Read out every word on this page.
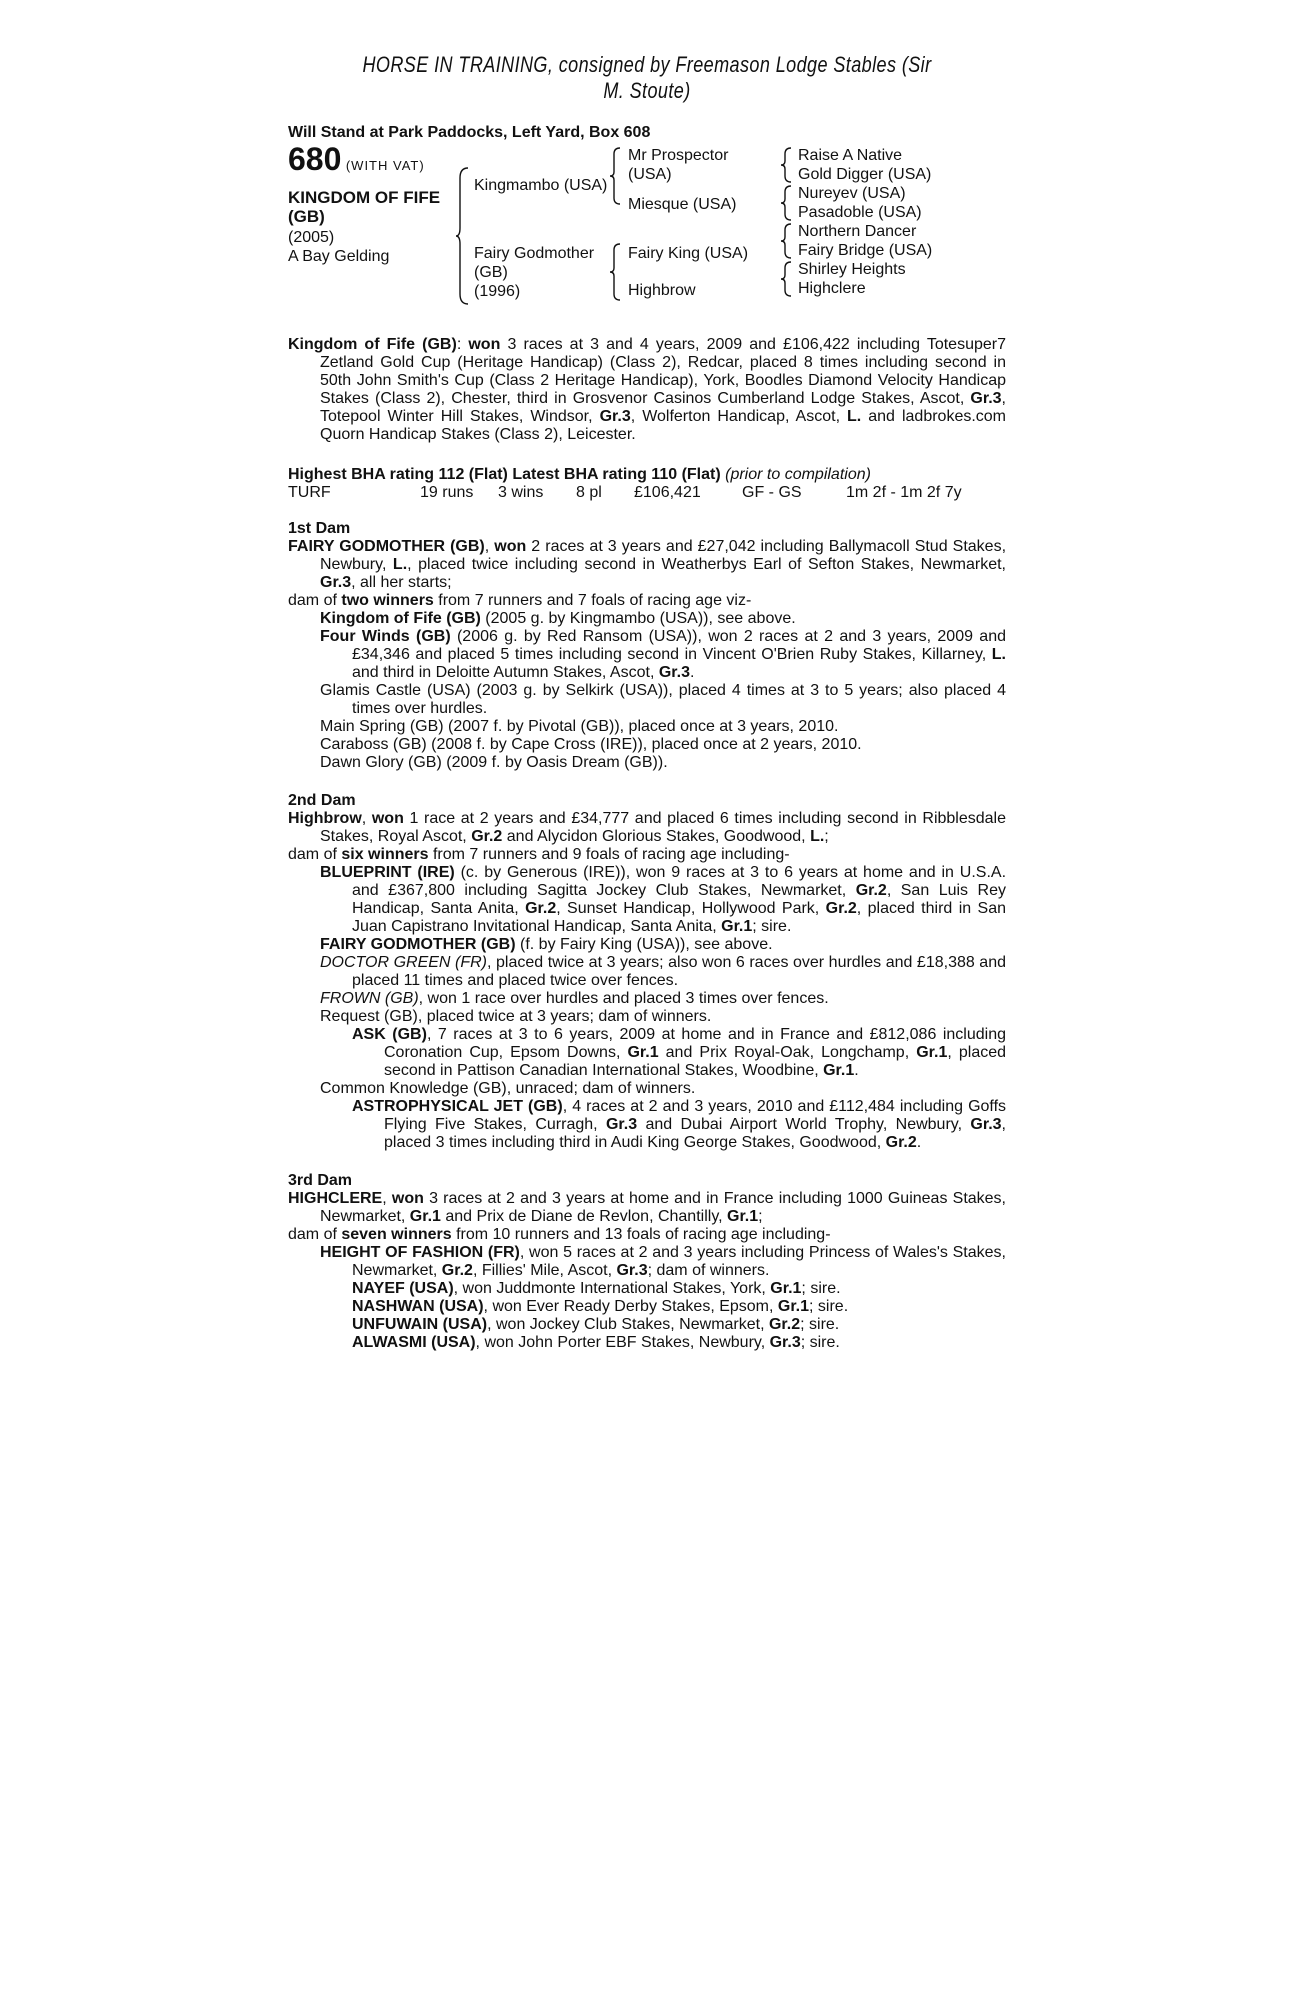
HORSE IN TRAINING, consigned by Freemason Lodge Stables (Sir M. Stoute)
Will Stand at Park Paddocks, Left Yard, Box 608
680 (WITH VAT)
KINGDOM OF FIFE
(GB)
(2005)
A Bay Gelding
Kingmambo (USA)
Fairy Godmother
(GB)
(1996)
Mr Prospector
(USA)
Miesque (USA)
Fairy King (USA)
Highbrow
Raise A Native
Gold Digger (USA)
Nureyev (USA)
Pasadoble (USA)
Northern Dancer
Fairy Bridge (USA)
Shirley Heights
Highclere

Kingdom of Fife (GB): won 3 races at 3 and 4 years, 2009 and £106,422 including Totesuper7 Zetland Gold Cup (Heritage Handicap) (Class 2), Redcar, placed 8 times including second in 50th John Smith's Cup (Class 2 Heritage Handicap), York, Boodles Diamond Velocity Handicap Stakes (Class 2), Chester, third in Grosvenor Casinos Cumberland Lodge Stakes, Ascot, Gr.3, Totepool Winter Hill Stakes, Windsor, Gr.3, Wolferton Handicap, Ascot, L. and ladbrokes.com Quorn Handicap Stakes (Class 2), Leicester.

Highest BHA rating 112 (Flat) Latest BHA rating 110 (Flat) (prior to compilation)
TURF	19 runs	3 wins	8 pl	£106,421	GF - GS	1m 2f - 1m 2f 7y
1st Dam

FAIRY GODMOTHER (GB), won 2 races at 3 years and £27,042 including Ballymacoll Stud Stakes, Newbury, L., placed twice including second in Weatherbys Earl of Sefton Stakes, Newmarket, Gr.3, all her starts;

dam of two winners from 7 runners and 7 foals of racing age viz-

Kingdom of Fife (GB) (2005 g. by Kingmambo (USA)), see above.

Four Winds (GB) (2006 g. by Red Ransom (USA)), won 2 races at 2 and 3 years, 2009 and £34,346 and placed 5 times including second in Vincent O'Brien Ruby Stakes, Killarney, L. and third in Deloitte Autumn Stakes, Ascot, Gr.3.

Glamis Castle (USA) (2003 g. by Selkirk (USA)), placed 4 times at 3 to 5 years; also placed 4 times over hurdles.

Main Spring (GB) (2007 f. by Pivotal (GB)), placed once at 3 years, 2010.

Caraboss (GB) (2008 f. by Cape Cross (IRE)), placed once at 2 years, 2010.

Dawn Glory (GB) (2009 f. by Oasis Dream (GB)).

2nd Dam

Highbrow, won 1 race at 2 years and £34,777 and placed 6 times including second in Ribblesdale Stakes, Royal Ascot, Gr.2 and Alycidon Glorious Stakes, Goodwood, L.;

dam of six winners from 7 runners and 9 foals of racing age including-

BLUEPRINT (IRE) (c. by Generous (IRE)), won 9 races at 3 to 6 years at home and in U.S.A. and £367,800 including Sagitta Jockey Club Stakes, Newmarket, Gr.2, San Luis Rey Handicap, Santa Anita, Gr.2, Sunset Handicap, Hollywood Park, Gr.2, placed third in San Juan Capistrano Invitational Handicap, Santa Anita, Gr.1; sire.

FAIRY GODMOTHER (GB) (f. by Fairy King (USA)), see above.

DOCTOR GREEN (FR), placed twice at 3 years; also won 6 races over hurdles and £18,388 and placed 11 times and placed twice over fences.

FROWN (GB), won 1 race over hurdles and placed 3 times over fences.

Request (GB), placed twice at 3 years; dam of winners.

ASK (GB), 7 races at 3 to 6 years, 2009 at home and in France and £812,086 including Coronation Cup, Epsom Downs, Gr.1 and Prix Royal-Oak, Longchamp, Gr.1, placed second in Pattison Canadian International Stakes, Woodbine, Gr.1.

Common Knowledge (GB), unraced; dam of winners.

ASTROPHYSICAL JET (GB), 4 races at 2 and 3 years, 2010 and £112,484 including Goffs Flying Five Stakes, Curragh, Gr.3 and Dubai Airport World Trophy, Newbury, Gr.3, placed 3 times including third in Audi King George Stakes, Goodwood, Gr.2.

3rd Dam

HIGHCLERE, won 3 races at 2 and 3 years at home and in France including 1000 Guineas Stakes, Newmarket, Gr.1 and Prix de Diane de Revlon, Chantilly, Gr.1;

dam of seven winners from 10 runners and 13 foals of racing age including-

HEIGHT OF FASHION (FR), won 5 races at 2 and 3 years including Princess of Wales's Stakes, Newmarket, Gr.2, Fillies' Mile, Ascot, Gr.3; dam of winners.

NAYEF (USA), won Juddmonte International Stakes, York, Gr.1; sire.

NASHWAN (USA), won Ever Ready Derby Stakes, Epsom, Gr.1; sire.

UNFUWAIN (USA), won Jockey Club Stakes, Newmarket, Gr.2; sire.

ALWASMI (USA), won John Porter EBF Stakes, Newbury, Gr.3; sire.
